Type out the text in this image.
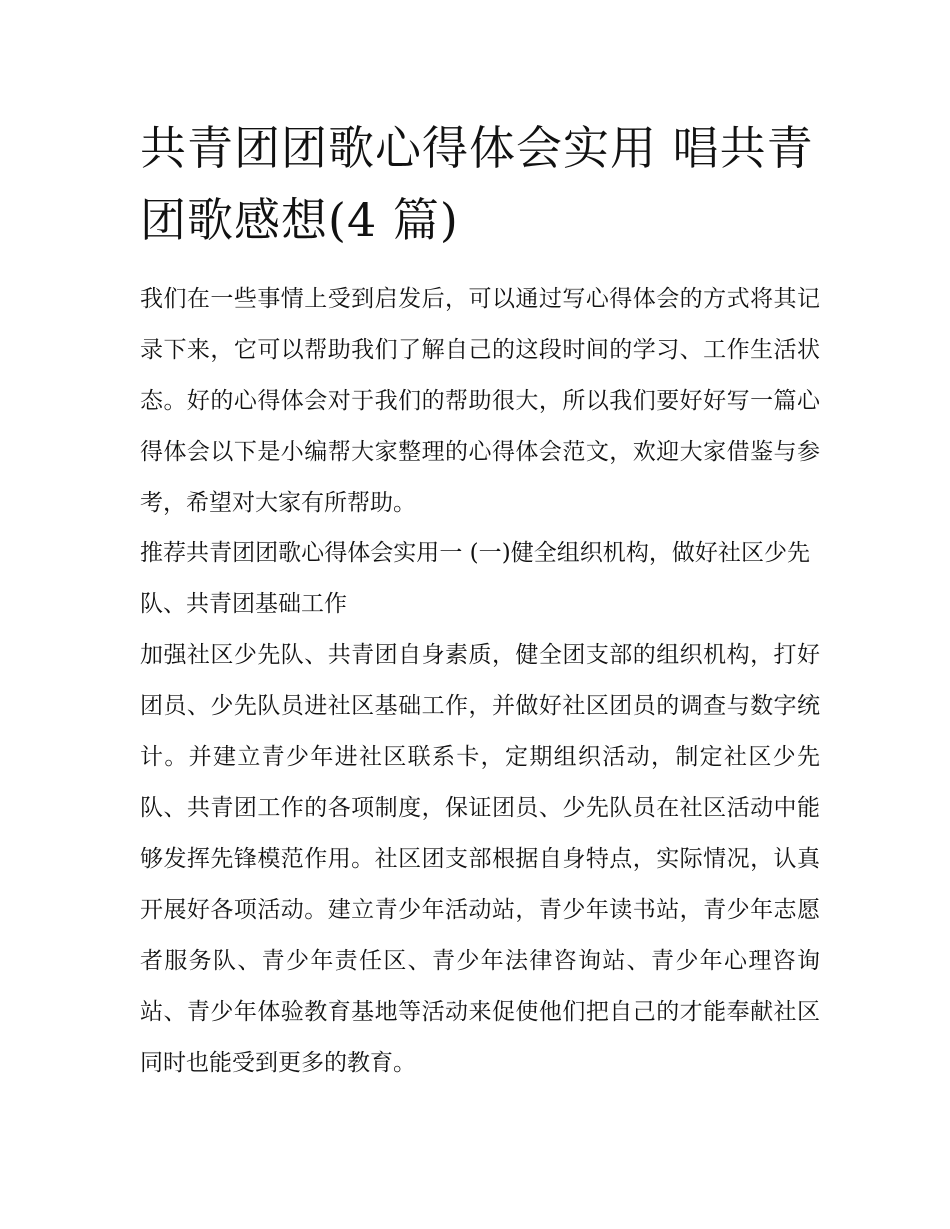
共青团团歌心得体会实用 唱共青团歌感想(4 篇)

我们在一些事情上受到启发后，可以通过写心得体会的方式将其记录下来，它可以帮助我们了解自己的这段时间的学习、工作生活状态。好的心得体会对于我们的帮助很大，所以我们要好好写一篇心得体会以下是小编帮大家整理的心得体会范文，欢迎大家借鉴与参考，希望对大家有所帮助。

推荐共青团团歌心得体会实用一 (一)健全组织机构，做好社区少先队、共青团基础工作

加强社区少先队、共青团自身素质，健全团支部的组织机构，打好团员、少先队员进社区基础工作，并做好社区团员的调查与数字统计。并建立青少年进社区联系卡，定期组织活动，制定社区少先队、共青团工作的各项制度，保证团员、少先队员在社区活动中能够发挥先锋模范作用。社区团支部根据自身特点，实际情况，认真开展好各项活动。建立青少年活动站，青少年读书站，青少年志愿者服务队、青少年责任区、青少年法律咨询站、青少年心理咨询站、青少年体验教育基地等活动来促使他们把自己的才能奉献社区同时也能受到更多的教育。
